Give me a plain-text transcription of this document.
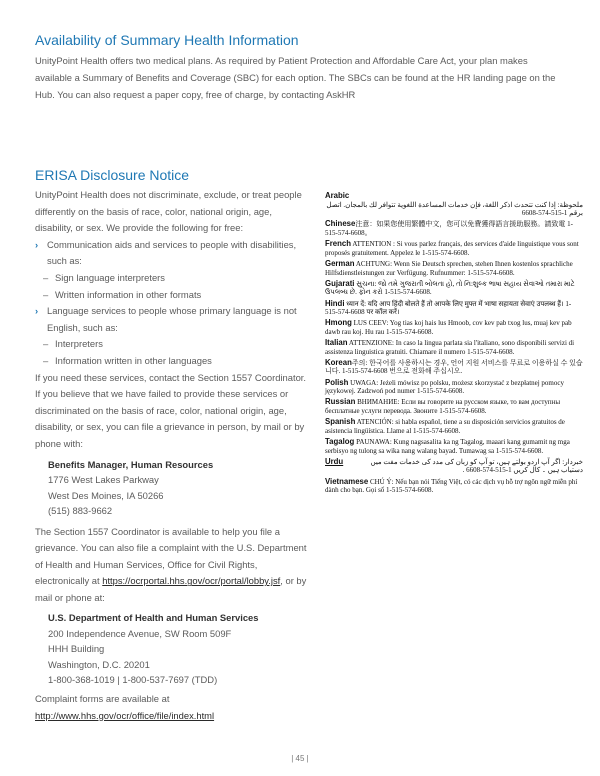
Availability of Summary Health Information

UnityPoint Health offers two medical plans. As required by Patient Protection and Affordable Care Act, your plan makes available a Summary of Benefits and Coverage (SBC) for each option. The SBCs can be found at the HR landing page on the Hub. You can also request a paper copy, free of charge, by contacting AskHR

ERISA Disclosure Notice

UnityPoint Health does not discriminate, exclude, or treat people differently on the basis of race, color, national origin, age, disability, or sex. We provide the following for free:

› Communication aids and services to people with disabilities, such as:

– Sign language interpreters

– Written information in other formats

› Language services to people whose primary language is not English, such as:

– Interpreters

– Information written in other languages

If you need these services, contact the Section 1557 Coordinator. If you believe that we have failed to provide these services or discriminated on the basis of race, color, national origin, age, disability, or sex, you can file a grievance in person, by mail or by phone with:

Benefits Manager, Human Resources
1776 West Lakes Parkway
West Des Moines, IA 50266
(515) 883-9662

The Section 1557 Coordinator is available to help you file a grievance. You can also file a complaint with the U.S. Department of Health and Human Services, Office for Civil Rights, electronically at https://ocrportal.hhs.gov/ocr/portal/lobby.jsf, or by mail or phone at:

U.S. Department of Health and Human Services
200 Independence Avenue, SW Room 509F
HHH Building
Washington, D.C. 20201
1-800-368-1019 | 1-800-537-7697 (TDD)

Complaint forms are available at

http://www.hhs.gov/ocr/office/file/index.html
Arabic
ملحوظة: إذا كنت تتحدث اذكر اللغة، فإن خدمات المساعدة اللغوية تتوافر لك بالمجان. اتصل برقم 1-515-574-6608
Chinese注意：如果您使用繁體中文，您可以免費獲得語言援助服務。請致電 1-515-574-6608。
French ATTENTION : Si vous parlez français, des services d'aide linguistique vous sont proposés gratuitement. Appelez le 1-515-574-6608.
German ACHTUNG: Wenn Sie Deutsch sprechen, stehen Ihnen kostenlos sprachliche Hilfsdienstleistungen zur Verfügung. Rufnummer: 1-515-574-6608.
Gujarati સુચના: જો તમે ગુજરાતી બોલતા હો, તો નિ:શુલ્ક ભાષા સહાય સેવાઓ તમારા માટે ઉપલબ્ધ છે. ફોન કરો 1-515-574-6608.
Hindi ध्यान दें: यदि आप हिंदी बोलते हैं तो आपके लिए मुफ्त में भाषा सहायता सेवाएं उपलब्ध हैं। 1-515-574-6608 पर कॉल करें।
Hmong LUS CEEV: Yog tias koj hais lus Hmoob, cov kev pab txog lus, muaj kev pab dawb rau koj. Hu rau 1-515-574-6608.
Italian ATTENZIONE: In caso la lingua parlata sia l'italiano, sono disponibili servizi di assistenza linguistica gratuiti. Chiamare il numero 1-515-574-6608.
Korean주의: 한국어를 사용하시는 경우, 언어 지원 서비스를 무료로 이용하실 수 있습니다. 1-515-574-6608 번으로 전화해 주십시오.
Polish UWAGA: Jeżeli mówisz po polsku, możesz skorzystać z bezpłatnej pomocy językowej. Zadzwoń pod numer 1-515-574-6608.
Russian ВНИМАНИЕ: Если вы говорите на русском языке, то вам доступны бесплатные услуги перевода. Звоните 1-515-574-6608.
Spanish ATENCIÓN: si habla español, tiene a su disposición servicios gratuitos de asistencia lingüística. Llame al 1-515-574-6608.
Tagalog PAUNAWA: Kung nagsasalita ka ng Tagalog, maaari kang gumamit ng mga serbisyo ng tulong sa wika nang walang bayad. Tumawag sa 1-515-574-6608.
Urdu	خبردار: اگر آپ اردو بولتے ہیں، تو آپ کو زبان کی مدد کی خدمات مفت میں دستیاب ہیں ۔ کال کریں 1-515-574-6608 .
Vietnamese CHÚ Ý: Nếu bạn nói Tiếng Việt, có các dịch vụ hỗ trợ ngôn ngữ miễn phí dành cho bạn. Gọi số 1-515-574-6608.
| 45 |
